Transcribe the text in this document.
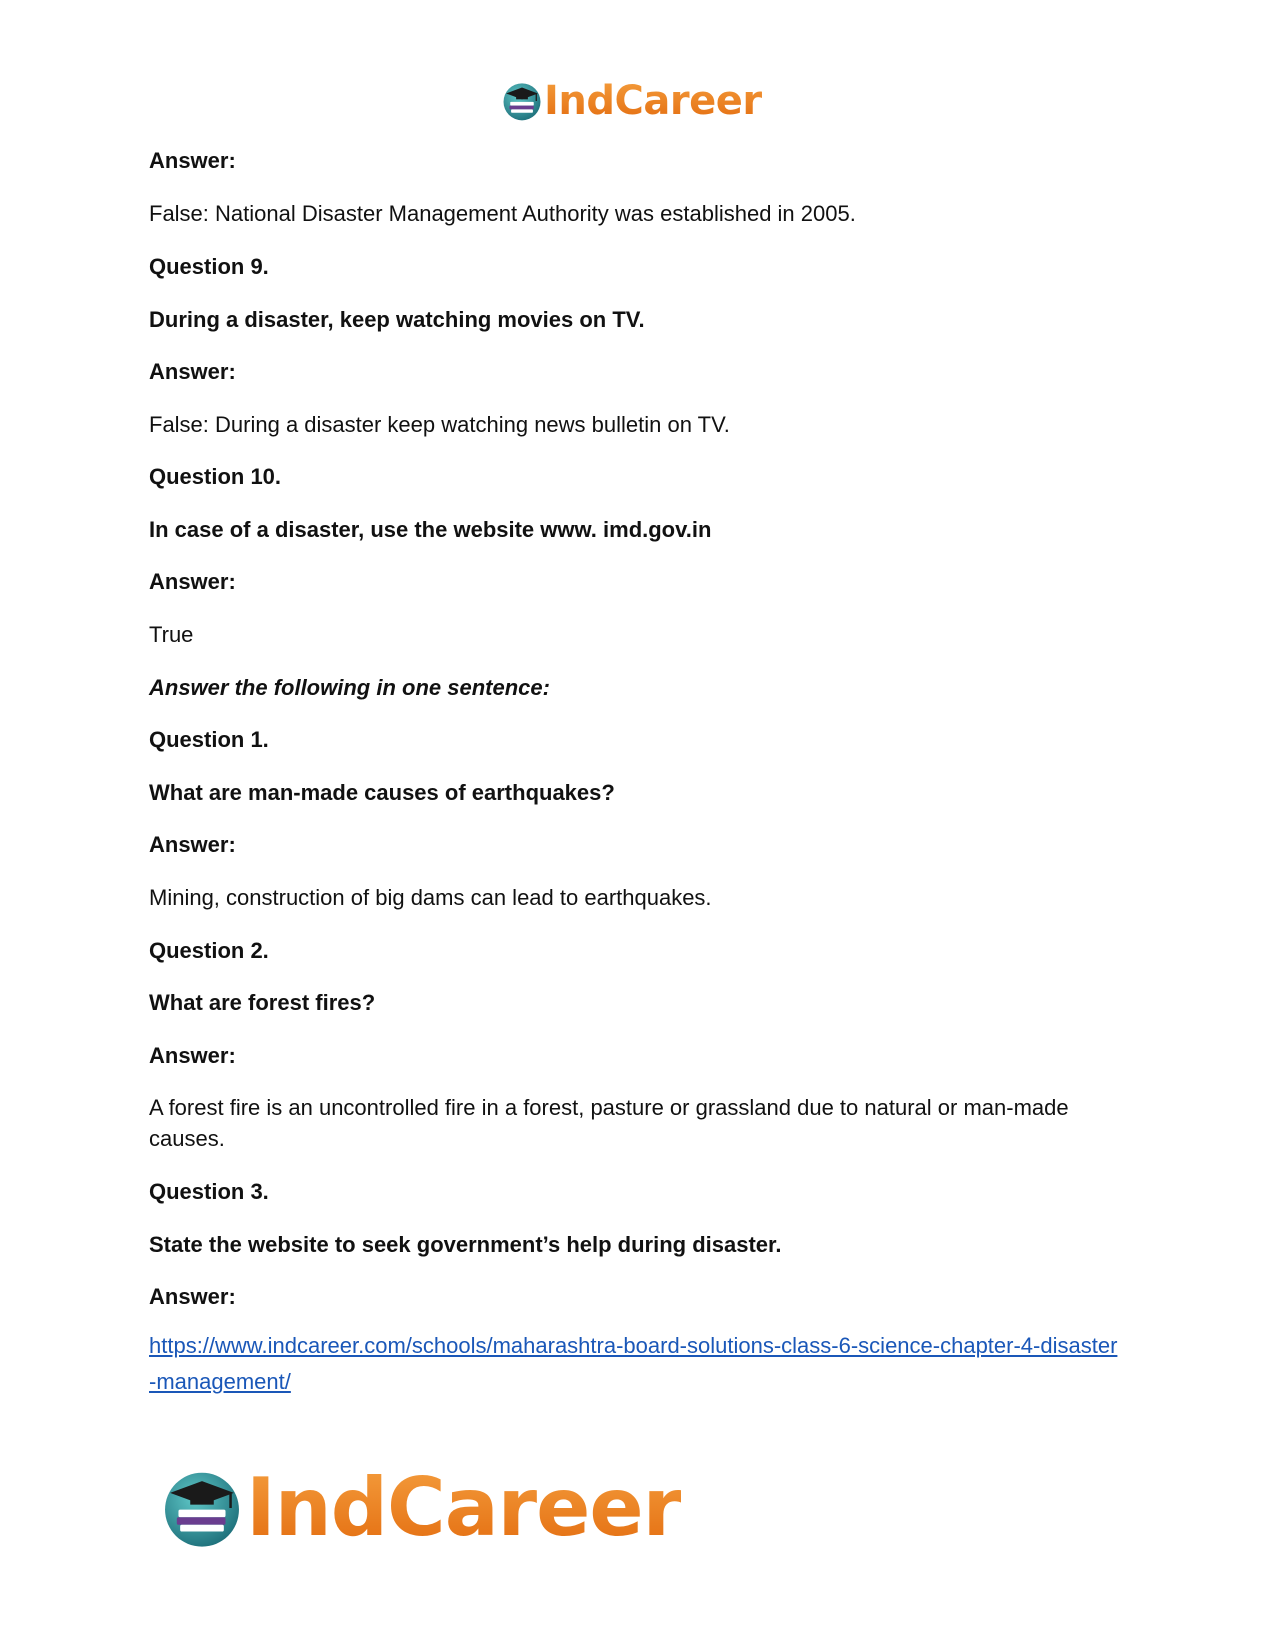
IndCareer
Answer:
False: National Disaster Management Authority was established in 2005.
Question 9.
During a disaster, keep watching movies on TV.
Answer:
False: During a disaster keep watching news bulletin on TV.
Question 10.
In case of a disaster, use the website www. imd.gov.in
Answer:
True
Answer the following in one sentence:
Question 1.
What are man-made causes of earthquakes?
Answer:
Mining, construction of big dams can lead to earthquakes.
Question 2.
What are forest fires?
Answer:
A forest fire is an uncontrolled fire in a forest, pasture or grassland due to natural or man-made causes.
Question 3.
State the website to seek government’s help during disaster.
Answer:
https://www.indcareer.com/schools/maharashtra-board-solutions-class-6-science-chapter-4-disaster-management/
IndCareer
